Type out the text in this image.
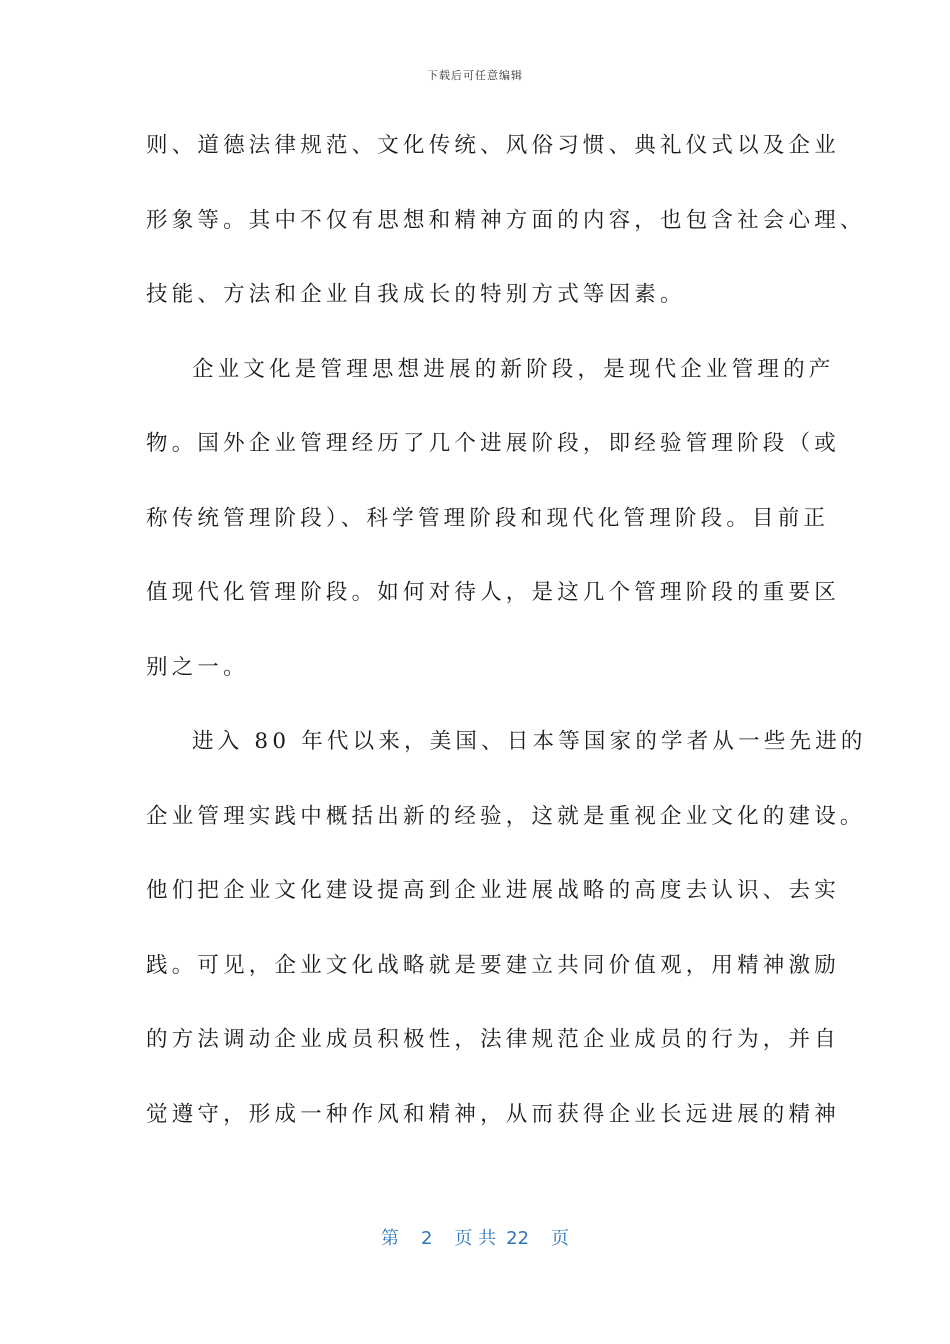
下载后可任意编辑
则、道德法律规范、文化传统、风俗习惯、典礼仪式以及企业
形象等。其中不仅有思想和精神方面的内容，也包含社会心理、
技能、方法和企业自我成长的特别方式等因素。
企业文化是管理思想进展的新阶段，是现代企业管理的产
物。国外企业管理经历了几个进展阶段，即经验管理阶段（或
称传统管理阶段）、科学管理阶段和现代化管理阶段。目前正
值现代化管理阶段。如何对待人，是这几个管理阶段的重要区
别之一。
进入 80 年代以来，美国、日本等国家的学者从一些先进的
企业管理实践中概括出新的经验，这就是重视企业文化的建设。
他们把企业文化建设提高到企业进展战略的高度去认识、去实
践。可见，企业文化战略就是要建立共同价值观，用精神激励
的方法调动企业成员积极性，法律规范企业成员的行为，并自
觉遵守，形成一种作风和精神，从而获得企业长远进展的精神
第 2 页 共 22 页
